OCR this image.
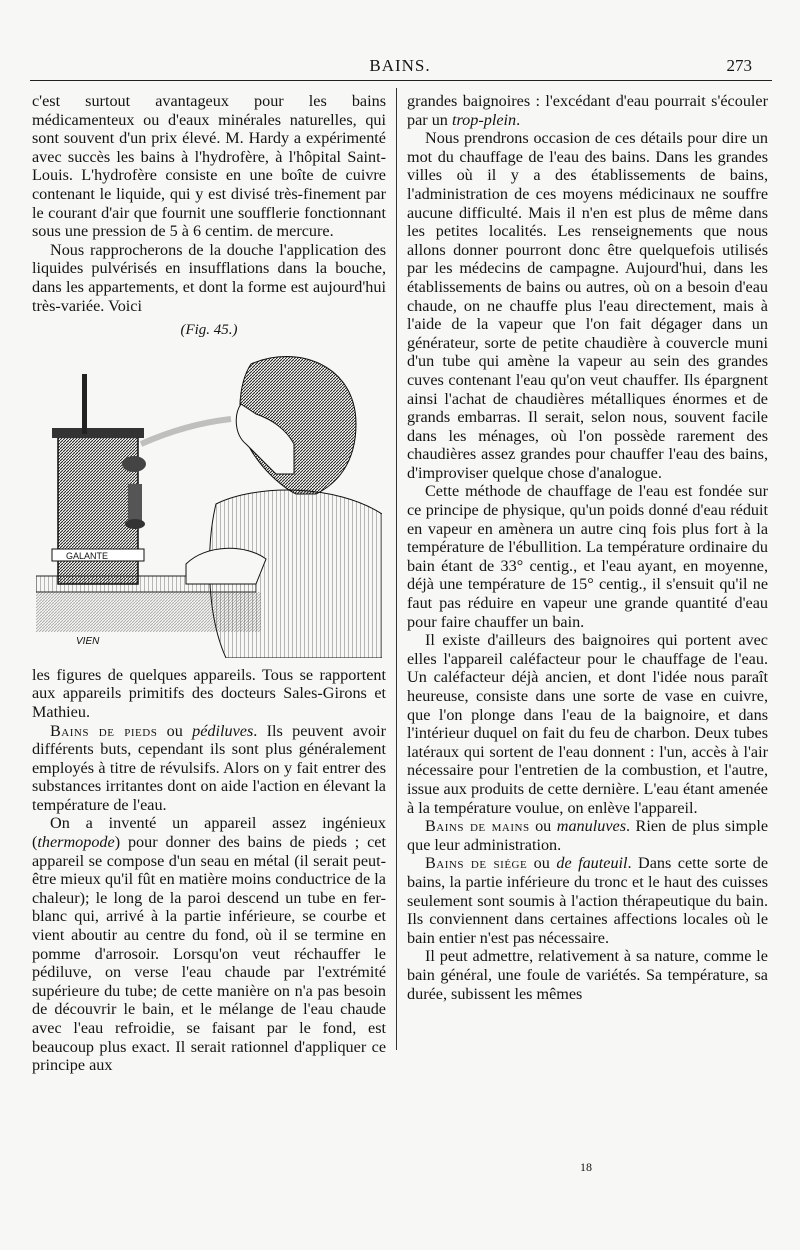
BAINS.	273

c'est surtout avantageux pour les bains médicamenteux ou d'eaux minérales naturelles, qui sont souvent d'un prix élevé. M. Hardy a expérimenté avec succès les bains à l'hydrofère, à l'hôpital Saint-Louis. L'hydrofère consiste en une boîte de cuivre contenant le liquide, qui y est divisé très-finement par le courant d'air que fournit une soufflerie fonctionnant sous une pression de 5 à 6 centim. de mercure.

Nous rapprocherons de la douche l'application des liquides pulvérisés en insufflations dans la bouche, dans les appartements, et dont la forme est aujourd'hui très-variée. Voici

(Fig. 45.)
GALANTE
VIEN

les figures de quelques appareils. Tous se rapportent aux appareils primitifs des docteurs Sales-Girons et Mathieu.

Bains de pieds ou pédiluves. Ils peuvent avoir différents buts, cependant ils sont plus généralement employés à titre de révulsifs. Alors on y fait entrer des substances irritantes dont on aide l'action en élevant la température de l'eau.

On a inventé un appareil assez ingénieux (thermopode) pour donner des bains de pieds ; cet appareil se compose d'un seau en métal (il serait peut-être mieux qu'il fût en matière moins conductrice de la chaleur); le long de la paroi descend un tube en fer-blanc qui, arrivé à la partie inférieure, se courbe et vient aboutir au centre du fond, où il se termine en pomme d'arrosoir. Lorsqu'on veut réchauffer le pédiluve, on verse l'eau chaude par l'extrémité supérieure du tube; de cette manière on n'a pas besoin de découvrir le bain, et le mélange de l'eau chaude avec l'eau refroidie, se faisant par le fond, est beaucoup plus exact. Il serait rationnel d'appliquer ce principe aux

grandes baignoires : l'excédant d'eau pourrait s'écouler par un trop-plein.

Nous prendrons occasion de ces détails pour dire un mot du chauffage de l'eau des bains. Dans les grandes villes où il y a des établissements de bains, l'administration de ces moyens médicinaux ne souffre aucune difficulté. Mais il n'en est plus de même dans les petites localités. Les renseignements que nous allons donner pourront donc être quelquefois utilisés par les médecins de campagne. Aujourd'hui, dans les établissements de bains ou autres, où on a besoin d'eau chaude, on ne chauffe plus l'eau directement, mais à l'aide de la vapeur que l'on fait dégager dans un générateur, sorte de petite chaudière à couvercle muni d'un tube qui amène la vapeur au sein des grandes cuves contenant l'eau qu'on veut chauffer. Ils épargnent ainsi l'achat de chaudières métalliques énormes et de grands embarras. Il serait, selon nous, souvent facile dans les ménages, où l'on possède rarement des chaudières assez grandes pour chauffer l'eau des bains, d'improviser quelque chose d'analogue.

Cette méthode de chauffage de l'eau est fondée sur ce principe de physique, qu'un poids donné d'eau réduit en vapeur en amènera un autre cinq fois plus fort à la température de l'ébullition. La température ordinaire du bain étant de 33° centig., et l'eau ayant, en moyenne, déjà une température de 15° centig., il s'ensuit qu'il ne faut pas réduire en vapeur une grande quantité d'eau pour faire chauffer un bain.

Il existe d'ailleurs des baignoires qui portent avec elles l'appareil caléfacteur pour le chauffage de l'eau. Un caléfacteur déjà ancien, et dont l'idée nous paraît heureuse, consiste dans une sorte de vase en cuivre, que l'on plonge dans l'eau de la baignoire, et dans l'intérieur duquel on fait du feu de charbon. Deux tubes latéraux qui sortent de l'eau donnent : l'un, accès à l'air nécessaire pour l'entretien de la combustion, et l'autre, issue aux produits de cette dernière. L'eau étant amenée à la température voulue, on enlève l'appareil.

Bains de mains ou manuluves. Rien de plus simple que leur administration.

Bains de siége ou de fauteuil. Dans cette sorte de bains, la partie inférieure du tronc et le haut des cuisses seulement sont soumis à l'action thérapeutique du bain. Ils conviennent dans certaines affections locales où le bain entier n'est pas nécessaire.

Il peut admettre, relativement à sa nature, comme le bain général, une foule de variétés. Sa température, sa durée, subissent les mêmes

18
